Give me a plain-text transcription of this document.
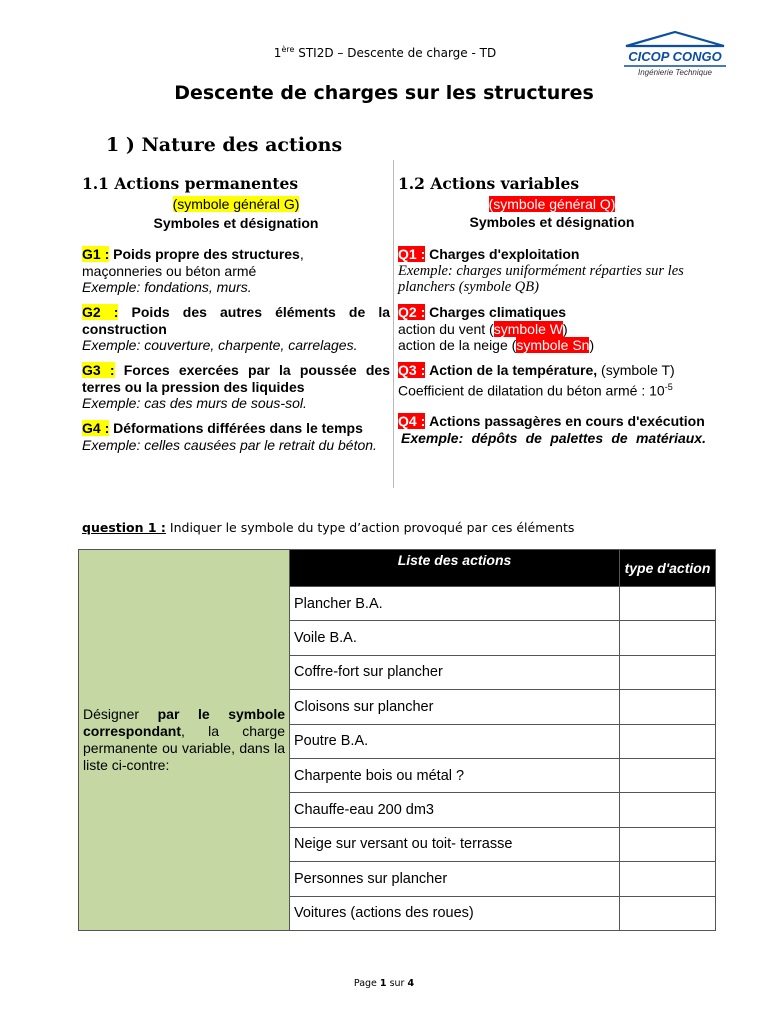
1ère STI2D – Descente de charge - TD	CICOP CONGO
Ingénierie Technique
Descente de charges sur les structures
1 ) Nature des actions
1.1 Actions permanentes
(symbole général G)
Symboles et désignation
G1 : Poids propre des structures,
maçonneries ou béton armé
Exemple: fondations, murs.
G2 : Poids des autres éléments de la construction
Exemple: couverture, charpente, carrelages.
G3 : Forces exercées par la poussée des terres ou la pression des liquides
Exemple: cas des murs de sous-sol.
G4 : Déformations différées dans le temps
Exemple: celles causées par le retrait du béton.
1.2 Actions variables
(symbole général Q)
Symboles et désignation
Q1 : Charges d'exploitation
Exemple: charges uniformément réparties sur les planchers (symbole QB)
Q2 : Charges climatiques
action du vent (symbole W)
action de la neige (symbole Sn)
Q3 : Action de la température, (symbole T)
Coefficient de dilatation du béton armé : $10^{-5}$
Q4 : Actions passagères en cours d'exécution
Exemple: dépôts de palettes de matériaux.
question 1 : Indiquer le symbole du type d’action provoqué par ces éléments
Désigner par le symbole correspondant, la charge permanente ou variable, dans la liste ci-contre:	Liste des actions	type d'action
	Plancher B.A.	
	Voile B.A.	
	Coffre-fort sur plancher	
	Cloisons sur plancher	
	Poutre B.A.	
	Charpente bois ou métal ?	
	Chauffe-eau 200 dm3	
	Neige sur versant ou toit- terrasse	
	Personnes sur plancher	
	Voitures (actions des roues)	
Page 1 sur 4
